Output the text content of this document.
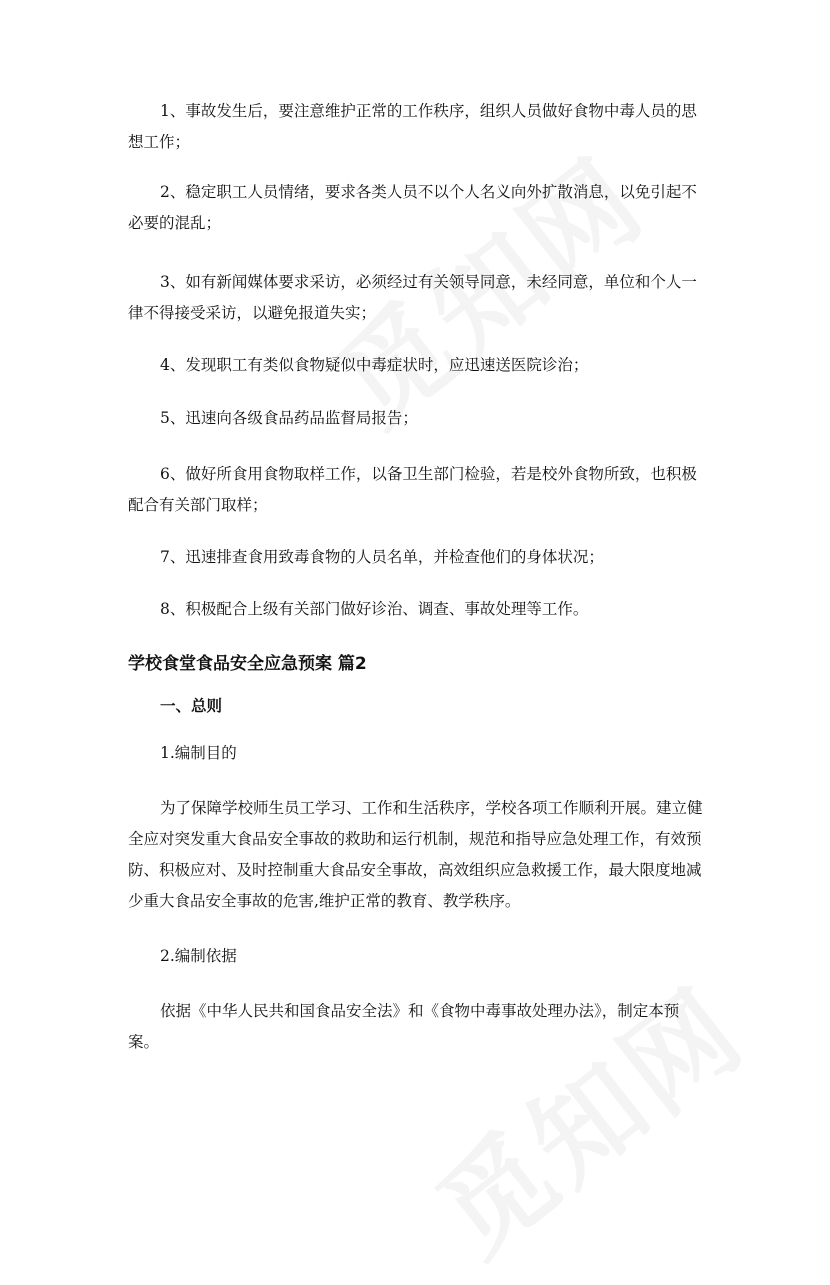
1、事故发生后，要注意维护正常的工作秩序，组织人员做好食物中毒人员的思想工作；

2、稳定职工人员情绪，要求各类人员不以个人名义向外扩散消息，以免引起不必要的混乱；

3、如有新闻媒体要求采访，必须经过有关领导同意，未经同意，单位和个人一律不得接受采访，以避免报道失实；

4、发现职工有类似食物疑似中毒症状时，应迅速送医院诊治；

5、迅速向各级食品药品监督局报告；

6、做好所食用食物取样工作，以备卫生部门检验，若是校外食物所致，也积极配合有关部门取样；

7、迅速排查食用致毒食物的人员名单，并检查他们的身体状况；

8、积极配合上级有关部门做好诊治、调查、事故处理等工作。

学校食堂食品安全应急预案 篇2
一、总则

1.编制目的

为了保障学校师生员工学习、工作和生活秩序，学校各项工作顺利开展。建立健全应对突发重大食品安全事故的救助和运行机制，规范和指导应急处理工作，有效预防、积极应对、及时控制重大食品安全事故，高效组织应急救援工作，最大限度地减少重大食品安全事故的危害,维护正常的教育、教学秩序。

2.编制依据

依据《中华人民共和国食品安全法》和《食物中毒事故处理办法》，制定本预案。
